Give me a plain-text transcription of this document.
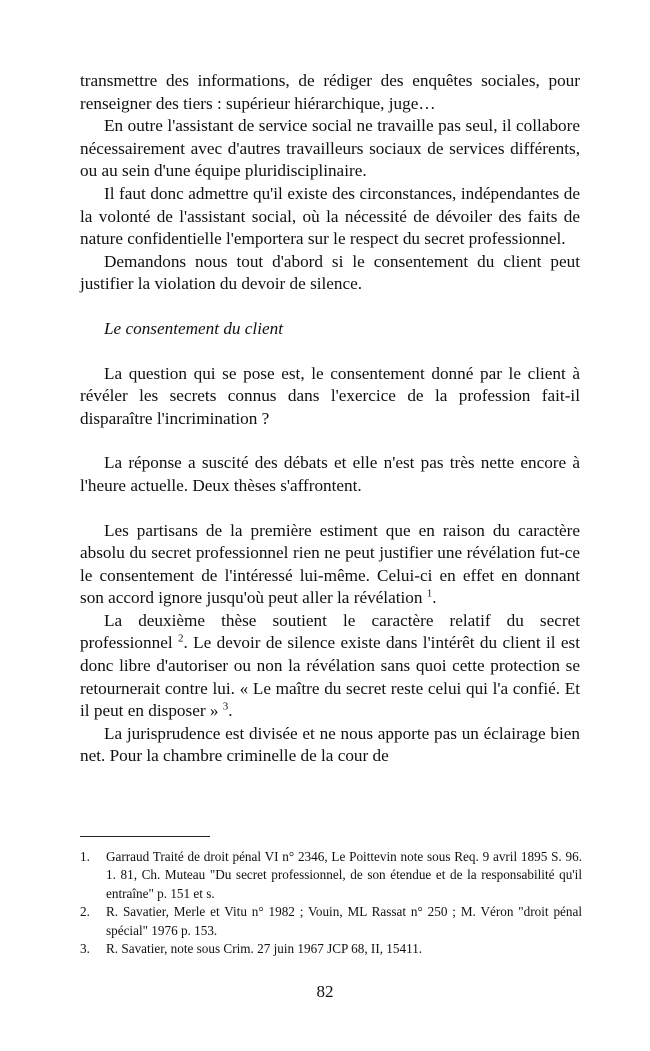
transmettre des informations, de rédiger des enquêtes sociales, pour renseigner des tiers : supérieur hiérarchique, juge…

En outre l'assistant de service social ne travaille pas seul, il collabore nécessairement avec d'autres travailleurs sociaux de services différents, ou au sein d'une équipe pluridisciplinaire.

Il faut donc admettre qu'il existe des circonstances, indépendantes de la volonté de l'assistant social, où la nécessité de dévoiler des faits de nature confidentielle l'emportera sur le respect du secret professionnel.

Demandons nous tout d'abord si le consentement du client peut justifier la violation du devoir de silence.

Le consentement du client

La question qui se pose est, le consentement donné par le client à révéler les secrets connus dans l'exercice de la profession fait-il disparaître l'incrimination ?

La réponse a suscité des débats et elle n'est pas très nette encore à l'heure actuelle. Deux thèses s'affrontent.

Les partisans de la première estiment que en raison du caractère absolu du secret professionnel rien ne peut justifier une révélation fut-ce le consentement de l'intéressé lui-même. Celui-ci en effet en donnant son accord ignore jusqu'où peut aller la révélation $^1$.

La deuxième thèse soutient le caractère relatif du secret professionnel $^2$. Le devoir de silence existe dans l'intérêt du client il est donc libre d'autoriser ou non la révélation sans quoi cette protection se retournerait contre lui. « Le maître du secret reste celui qui l'a confié. Et il peut en disposer » $^3$.

La jurisprudence est divisée et ne nous apporte pas un éclairage bien net. Pour la chambre criminelle de la cour de

1.	Garraud Traité de droit pénal VI n° 2346, Le Poittevin note sous Req. 9 avril 1895 S. 96. 1. 81, Ch. Muteau "Du secret professionnel, de son étendue et de la responsabilité qu'il entraîne" p. 151 et s.
2.	R. Savatier, Merle et Vitu n° 1982 ; Vouin, ML Rassat n° 250 ; M. Véron "droit pénal spécial" 1976 p. 153.
3.	R. Savatier, note sous Crim. 27 juin 1967 JCP 68, II, 15411.
82
